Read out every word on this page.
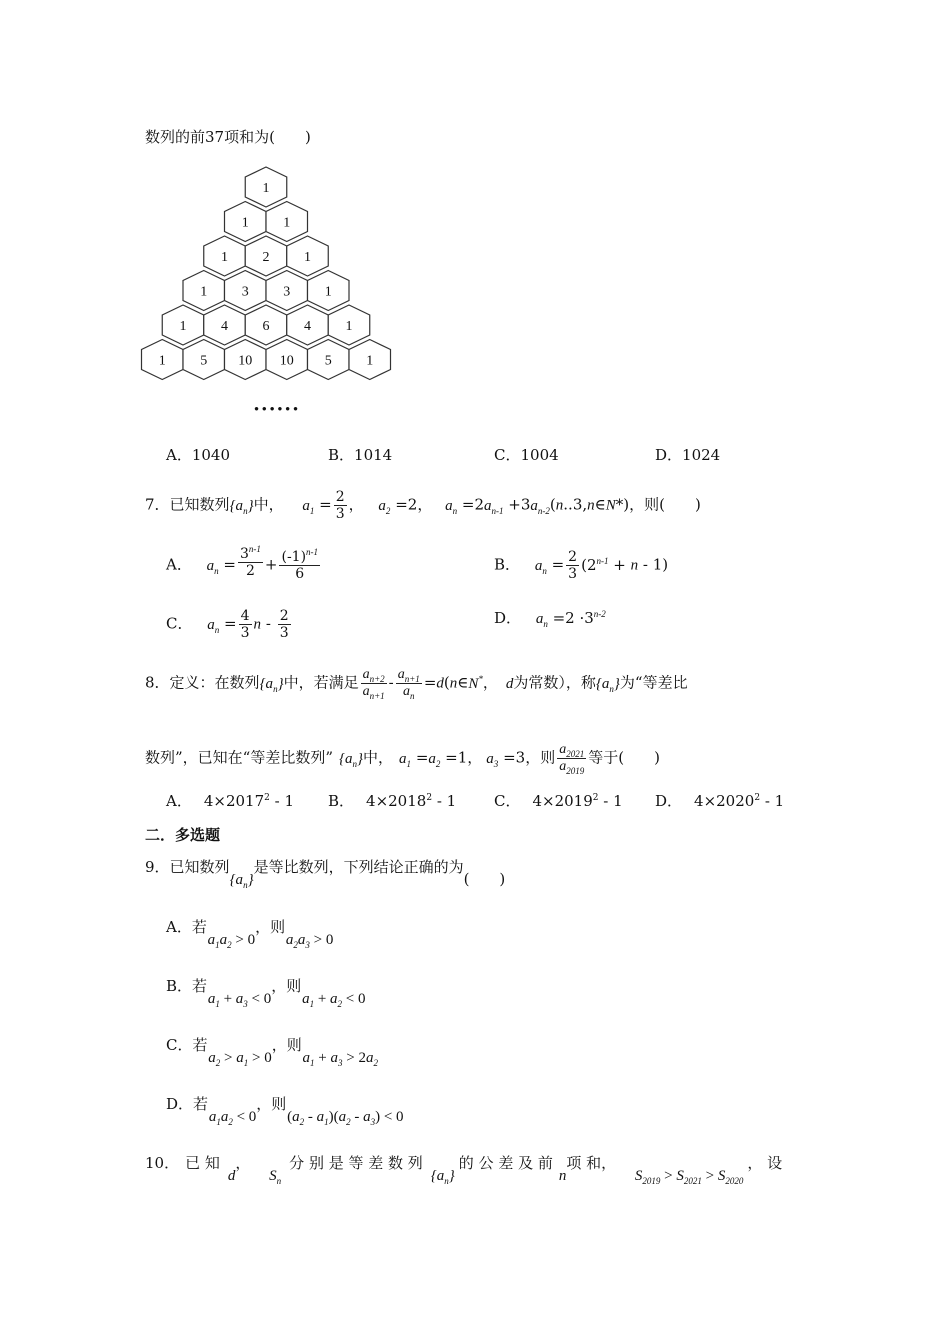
数列的前37项和为(　　)
1
1 1
1 2 1
1 3 3 1
1 4 6 4 1
1 5 10 10 5 1
• • • • • •
A．1040	B．1014	C．1004	D．1024
7．已知数列$\{a_n\}$中， $a_1 = \frac{2}{3}$ ， $a_2 =2$， $a_n =2a_{n-1}$ $+3a_{n-2}(n..3,n\in N*)$，则(　　)
A． $a_n = \frac{3^{n-1}}{2} + \frac{(-1)^{n-1}}{6}$	B． $a_n = \frac{2}{3} (2^{n-1} + n - 1)$
C． $a_n = \frac{4}{3}$ n - $\frac{2}{3}$	D． $a_n =2 \cdot 3^{n-2}$
8．定义：在数列$\{a_n\}$中，若满足 $\frac{a_{n+2}}{a_{n+1}} - \frac{a_{n+1}}{a_n}$ =d(n∈N*， d为常数），称$\{a_n\}$为“等差比
数列”，已知在“等差比数列” $\{a_n\}$中， $a_1 =a_2 =1$， $a_3 =3$，则 $\frac{a_{2021}}{a_{2019}}$ 等于(　　)
A． $4\times 2017^2 - 1$ B． $4\times 2018^2 - 1$	C． $4\times 2019^2 - 1$ D． $4\times 2020^2 - 1$
二．多选题
9．已知数列$\{a_n\}$是等比数列，下列结论正确的为(　　)
A．若 $a_1a_2 > 0$，则 $a_2a_3 > 0$
B．若 $a_1 + a_3 < 0$，则 $a_1 + a_2 < 0$
C．若 $a_2 > a_1 > 0$，则 $a_1 + a_3 > 2a_2$
D．若 $a_1a_2 < 0$，则 $(a_2 - a_1)(a_2 - a_3) < 0$
10． 已 知d， $S_n$分 别 是 等 差 数 列$\{a_n\}$的 公 差 及 前n项 和， $S_{2019} > S_{2021} > S_{2020}$， 设
